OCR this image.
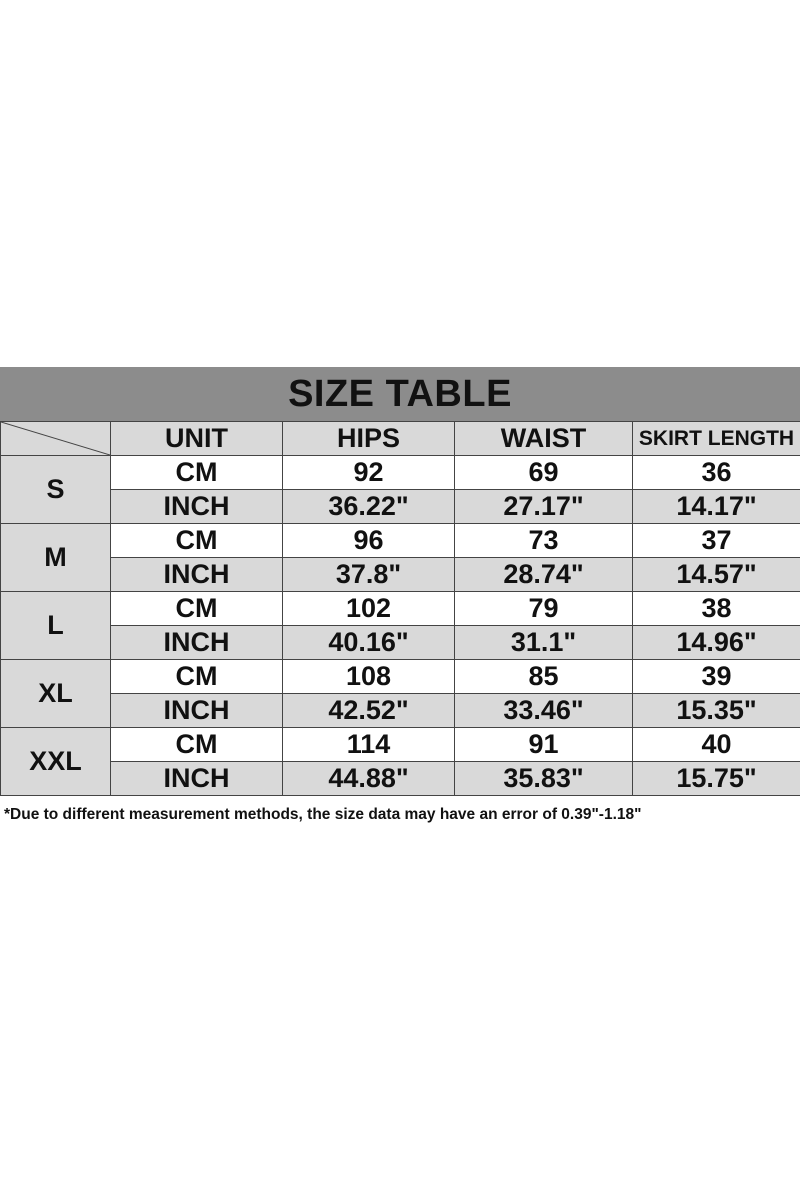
SIZE TABLE
	UNIT	HIPS	WAIST	SKIRT LENGTH
S	CM	92	69	36
	INCH	36.22"	27.17"	14.17"
M	CM	96	73	37
	INCH	37.8"	28.74"	14.57"
L	CM	102	79	38
	INCH	40.16"	31.1"	14.96"
XL	CM	108	85	39
	INCH	42.52"	33.46"	15.35"
XXL	CM	114	91	40
	INCH	44.88"	35.83"	15.75"
*Due to different measurement methods, the size data may have an error of 0.39"-1.18"
